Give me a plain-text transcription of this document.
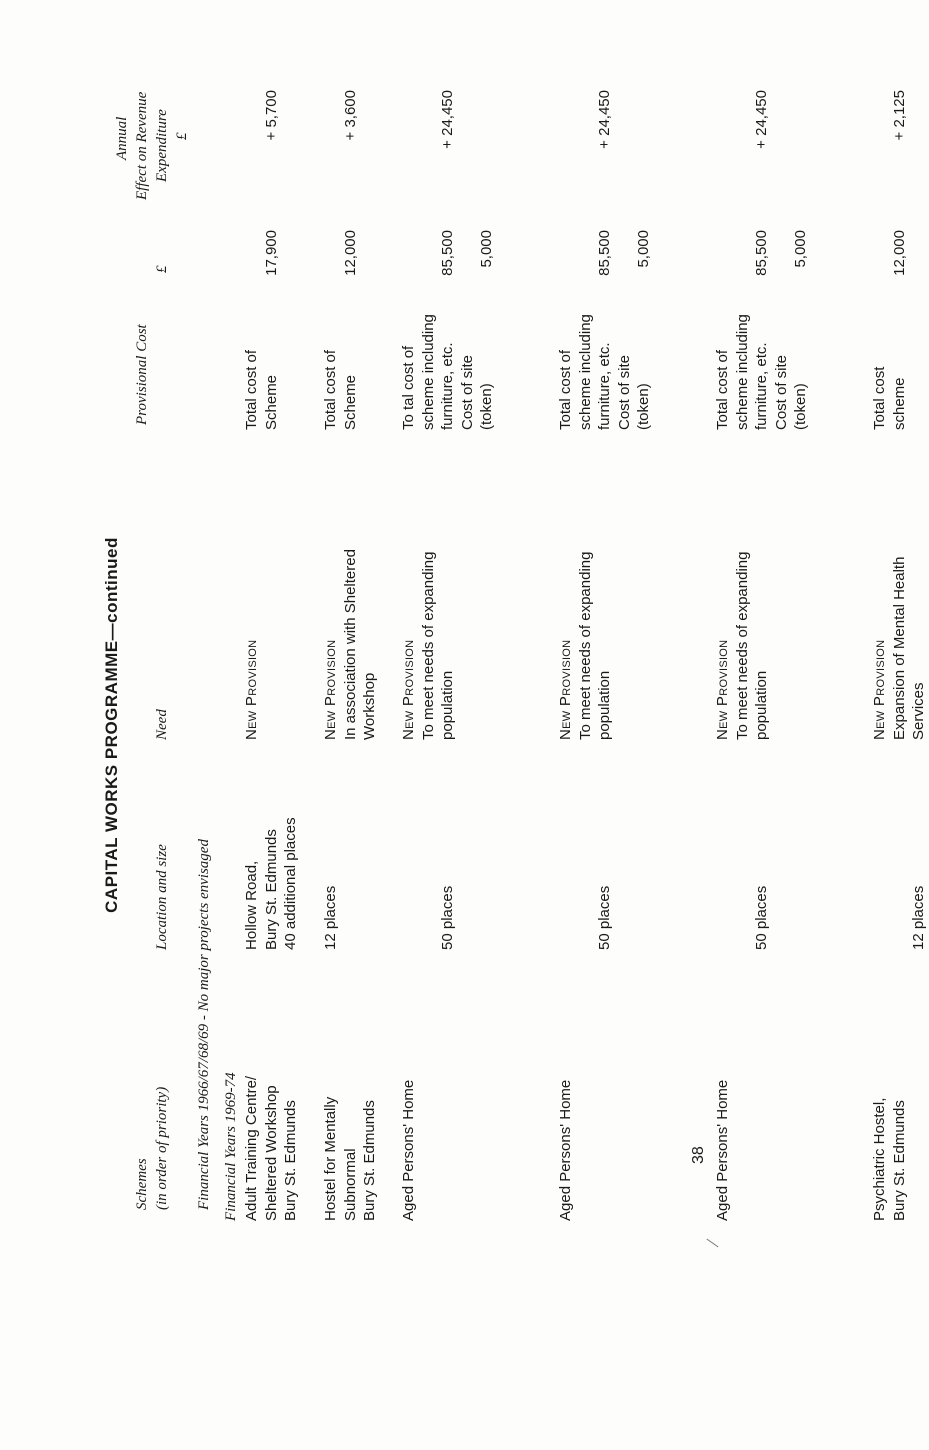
CAPITAL WORKS PROGRAMME—continued
Schemes (in order of priority)
Location and size
Need
Provisional Cost
£
Annual Effect on Revenue Expenditure £
Financial Years 1966/67/68/69 - No major projects envisaged Financial Years 1969-74 Adult Training Centre/ Sheltered Workshop Bury St. Edmunds
Hollow Road, Bury St. Edmunds 40 additional places
New Provision
Total cost of Scheme
17,900
+ 5,700
Hostel for Mentally Subnormal Bury St. Edmunds
12 places
New Provision In association with Sheltered Workshop
Total cost of Scheme
12,000
+ 3,600
Aged Persons' Home
50 places
New Provision To meet needs of expanding population
To tal cost of scheme including furniture, etc.
85,500
Cost of site (token)
5,000
+ 24,450
Aged Persons' Home
50 places
New Provision To meet needs of expanding population
Total cost of scheme including furniture, etc.
85,500
Cost of site (token)
5,000
+ 24,450
Aged Persons' Home
50 places
New Provision To meet needs of expanding population
Total cost of scheme including furniture, etc.
85,500
Cost of site (token)
5,000
+ 24,450
Psychiatric Hostel, Bury St. Edmunds
12 places
New Provision Expansion of Mental Health Services
Total cost scheme
12,000
+ 2,125
38
